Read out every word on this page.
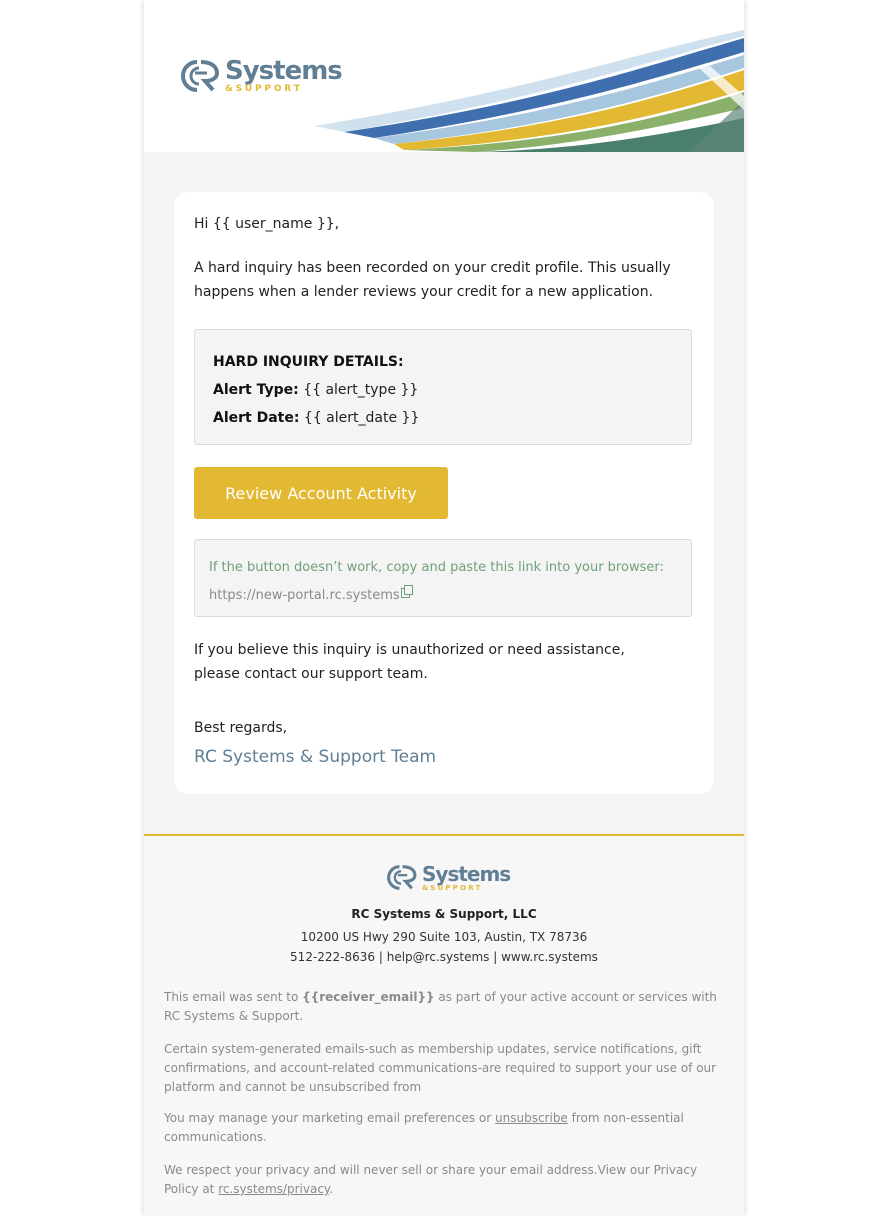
Systems
&SUPPORT
Hi {{ user_name }},
A hard inquiry has been recorded on your credit profile. This usually happens when a lender reviews your credit for a new application.
HARD INQUIRY DETAILS:
Alert Type: {{ alert_type }}
Alert Date: {{ alert_date }}
Review Account Activity
If the button doesn’t work, copy and paste this link into your browser:
https://new-portal.rc.systems
If you believe this inquiry is unauthorized or need assistance, please contact our support team.
Best regards,
RC Systems & Support Team
Systems
&SUPPORT
RC Systems & Support, LLC
10200 US Hwy 290 Suite 103, Austin, TX 78736
512-222-8636 | help@rc.systems | www.rc.systems
This email was sent to {{receiver_email}} as part of your active account or services with RC Systems & Support.
Certain system-generated emails-such as membership updates, service notifications, gift confirmations, and account-related communications-are required to support your use of our platform and cannot be unsubscribed from
You may manage your marketing email preferences or unsubscribe from non-essential communications.
We respect your privacy and will never sell or share your email address.View our Privacy Policy at rc.systems/privacy.
